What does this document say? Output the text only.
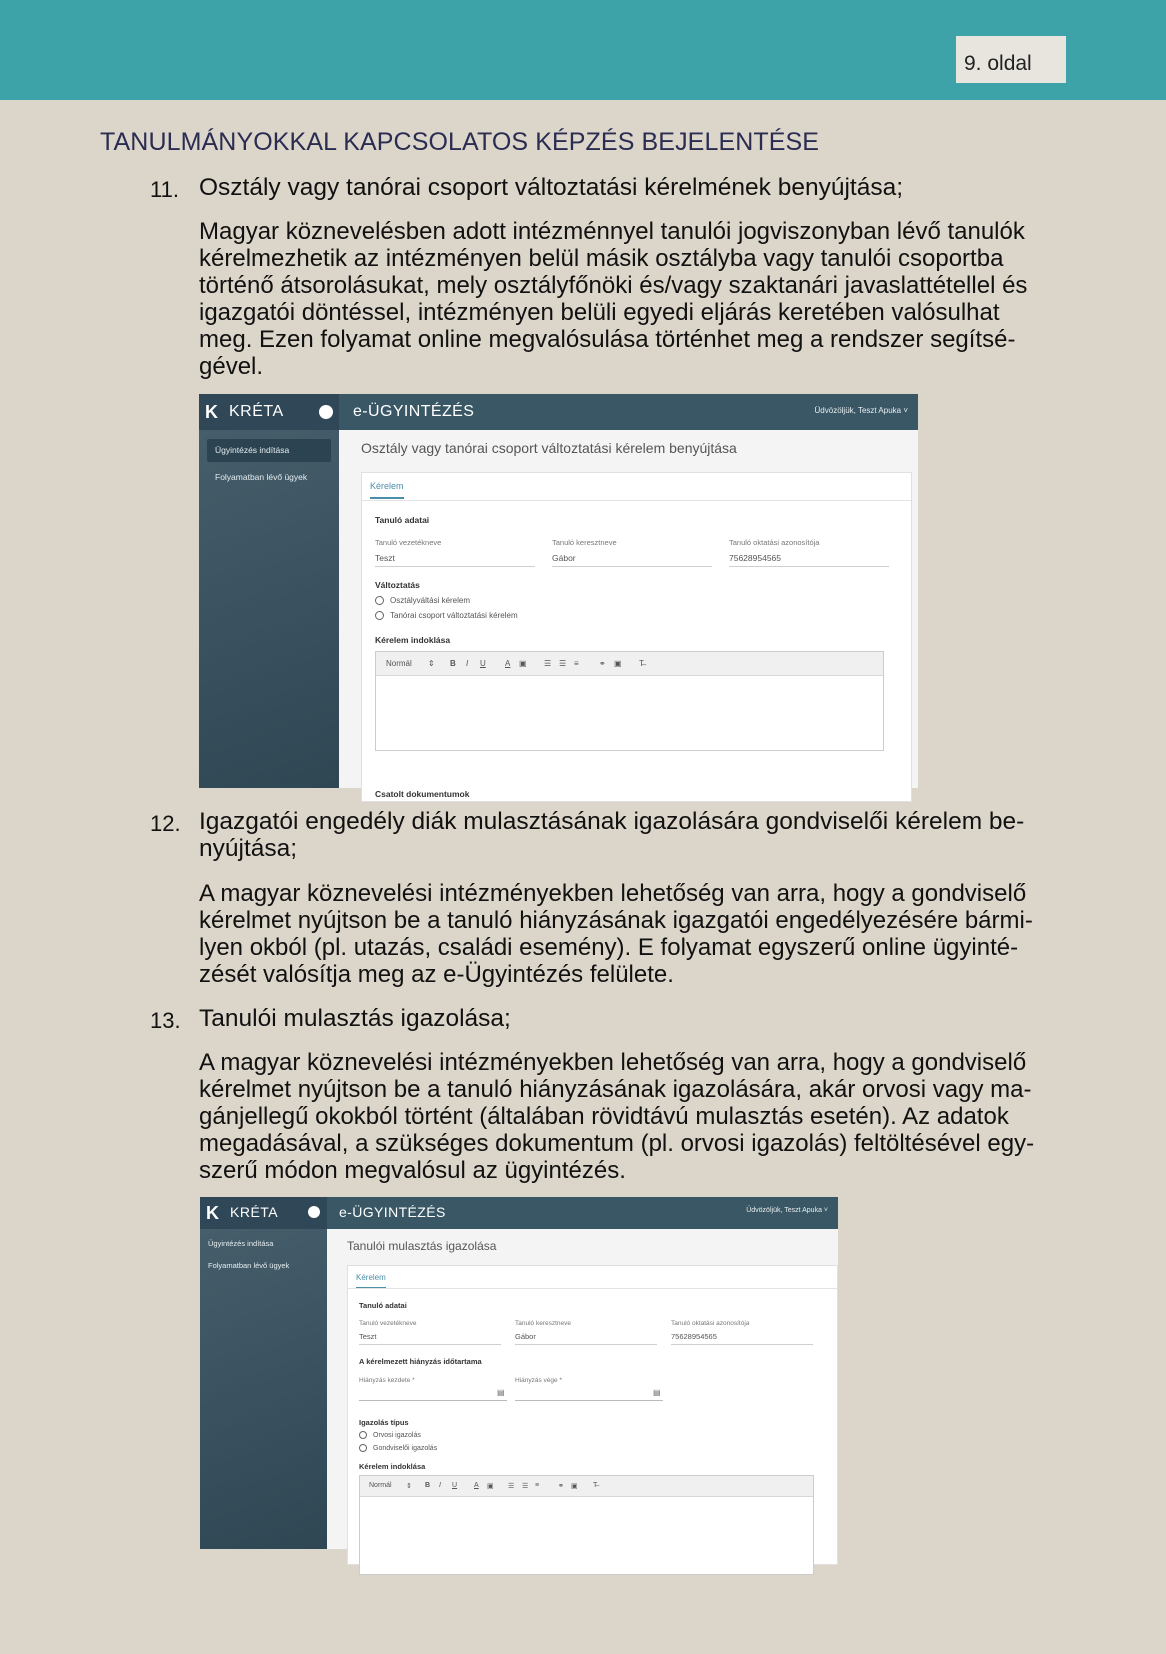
9. oldal
TANULMÁNYOKKAL KAPCSOLATOS KÉPZÉS BEJELENTÉSE
11. Osztály vagy tanórai csoport változtatási kérelmének benyújtása;
Magyar köznevelésben adott intézménnyel tanulói jogviszonyban lévő tanulók
kérelmezhetik az intézményen belül másik osztályba vagy tanulói csoportba
történő átsorolásukat, mely osztályfőnöki és/vagy szaktanári javaslattétellel és
igazgatói döntéssel, intézményen belüli egyedi eljárás keretében valósulhat
meg. Ezen folyamat online megvalósulása történhet meg a rendszer segítsé-
gével.
K KRÉTA
Ügyintézés indítása
Folyamatban lévő ügyek
e-ÜGYINTÉZÉS	Üdvözöljük, Teszt Apuka ˅
Osztály vagy tanórai csoport változtatási kérelem benyújtása
Kérelem
Tanuló adatai
Tanuló vezetékneve
Teszt
Tanuló keresztneve
Gábor
Tanuló oktatási azonosítója
75628954565
Változtatás
Osztályváltási kérelem
Tanórai csoport változtatási kérelem
Kérelem indoklása
Normál ⇕ B I U A ▣ ☰ ☰ ≡	⚭ ▣ T̶
Csatolt dokumentumok
12. Igazgatói engedély diák mulasztásának igazolására gondviselői kérelem be-
nyújtása;
A magyar köznevelési intézményekben lehetőség van arra, hogy a gondviselő
kérelmet nyújtson be a tanuló hiányzásának igazgatói engedélyezésére bármi-
lyen okból (pl. utazás, családi esemény). E folyamat egyszerű online ügyinté-
zését valósítja meg az e-Ügyintézés felülete.
13. Tanulói mulasztás igazolása;
A magyar köznevelési intézményekben lehetőség van arra, hogy a gondviselő
kérelmet nyújtson be a tanuló hiányzásának igazolására, akár orvosi vagy ma-
gánjellegű okokból történt (általában rövidtávú mulasztás esetén). Az adatok
megadásával, a szükséges dokumentum (pl. orvosi igazolás) feltöltésével egy-
szerű módon megvalósul az ügyintézés.
K KRÉTA
Ügyintézés indítása
Folyamatban lévő ügyek
e-ÜGYINTÉZÉS	Üdvözöljük, Teszt Apuka ˅
Tanulói mulasztás igazolása
Kérelem
Tanuló adatai
Tanuló vezetékneve
Teszt
Tanuló keresztneve
Gábor
Tanuló oktatási azonosítója
75628954565
A kérelmezett hiányzás időtartama
Hiányzás kezdete *
▤
Hiányzás vége *
▤
Igazolás típus
Orvosi igazolás
Gondviselői igazolás
Kérelem indoklása
Normál ⇕ B I U A ▣ ☰ ☰ ≡	⚭ ▣ T̶
